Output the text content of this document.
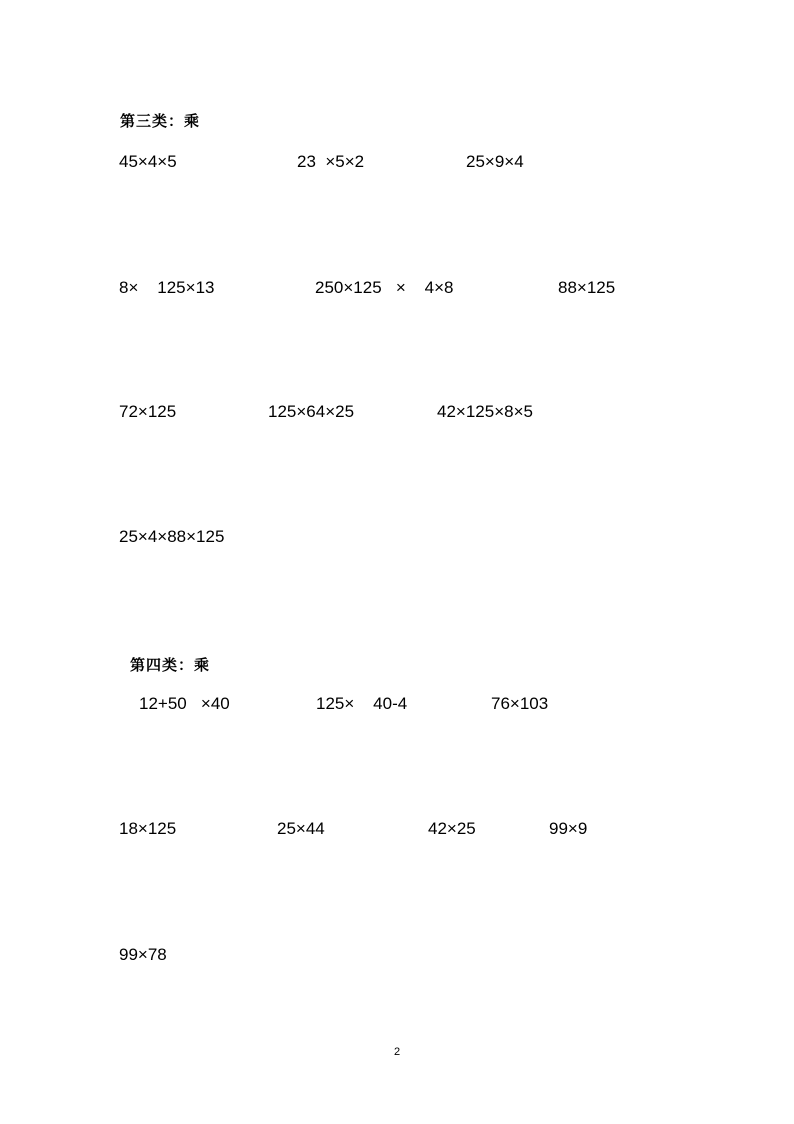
第三类：乘
45×4×5	23  ×5×2	25×9×4
8×    125×13	250×125   ×    4×8	88×125
72×125	125×64×25	42×125×8×5
25×4×88×125
第四类：乘
12+50   ×40	125×    40-4	76×103
18×125	25×44	42×25	99×9
99×78
2
